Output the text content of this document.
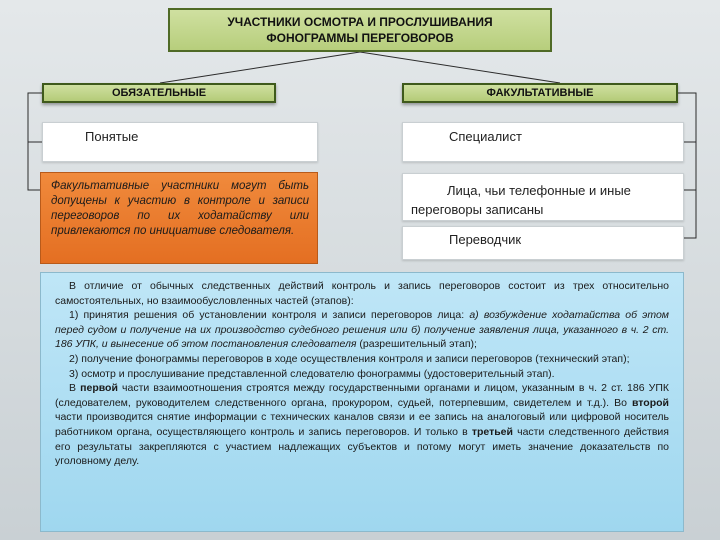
УЧАСТНИКИ ОСМОТРА И ПРОСЛУШИВАНИЯ
ФОНОГРАММЫ ПЕРЕГОВОРОВ
ОБЯЗАТЕЛЬНЫЕ	ФАКУЛЬТАТИВНЫЕ
Понятые
Факультативные участники могут быть допущены к участию в контроле и записи переговоров по их ходатайству или привлекаются по инициативе следователя.
Специалист
Лица, чьи телефонные и иные переговоры записаны
Переводчик

В отличие от обычных следственных действий контроль и запись переговоров состоит из трех относительно самостоятельных, но взаимообусловленных частей (этапов):

1) принятия решения об установлении контроля и записи переговоров лица: а) возбуждение ходатайства об этом перед судом и получение на их производство судебного решения или б) получение заявления лица, указанного в ч. 2 ст. 186 УПК, и вынесение об этом постановления следователя (разрешительный этап);

2) получение фонограммы переговоров в ходе осуществления контроля и записи переговоров (технический этап);

3) осмотр и прослушивание представленной следователю фонограммы (удостоверительный этап).

В первой части взаимоотношения строятся между государственными органами и лицом, указанным в ч. 2 ст. 186 УПК (следователем, руководителем следственного органа, прокурором, судьей, потерпевшим, свидетелем и т.д.). Во второй части производится снятие информации с технических каналов связи и ее запись на аналоговый или цифровой носитель работником органа, осуществляющего контроль и запись переговоров. И только в третьей части следственного действия его результаты закрепляются с участием надлежащих субъектов и потому могут иметь значение доказательств по уголовному делу.
